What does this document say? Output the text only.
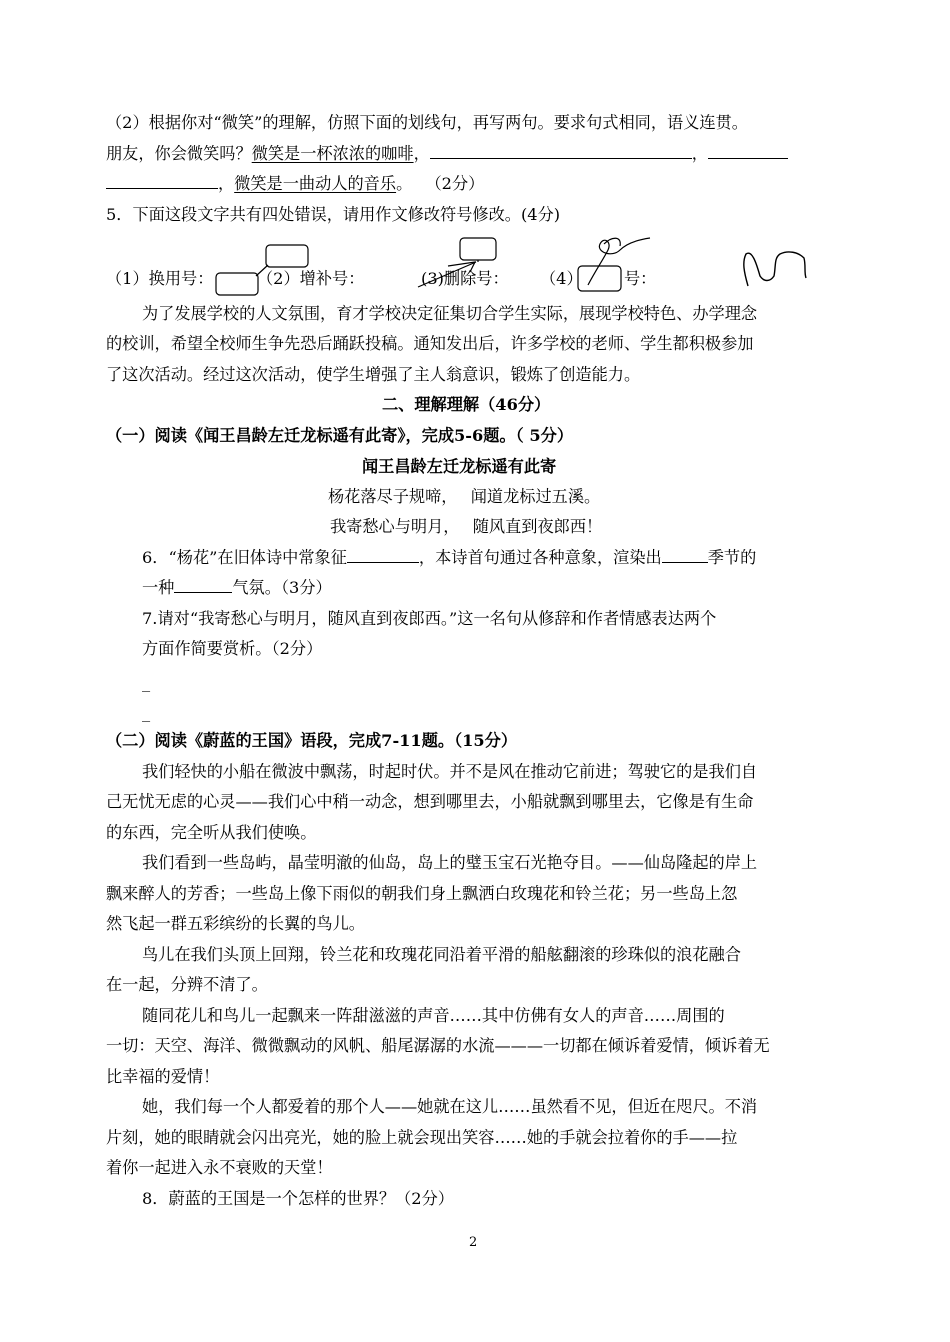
（2）根据你对“微笑”的理解，仿照下面的划线句，再写两句。要求句式相同，语义连贯。
朋友，你会微笑吗？微笑是一杯浓浓的咖啡，	，
，微笑是一曲动人的音乐。　 （2分）
5．下面这段文字共有四处错误，请用作文修改符号修改。(4分)
（1）换用号：	（2）增补号：	(3)删除号： （4）	号：
为了发展学校的人文氛围，育才学校决定征集切合学生实际，展现学校特色、办学理念
的校训，希望全校师生争先恐后踊跃投稿。通知发出后，许多学校的老师、学生都积极参加
了这次活动。经过这次活动，使学生增强了主人翁意识，锻炼了创造能力。
二、理解理解（46分）
（一）阅读《闻王昌龄左迁龙标遥有此寄》，完成5-6题。（ 5分）
闻王昌龄左迁龙标遥有此寄
杨花落尽子规啼，　 闻道龙标过五溪。
我寄愁心与明月，　 随风直到夜郎西！
6．“杨花”在旧体诗中常象征	，本诗首句通过各种意象，渲染出	季节的
一种	气氛。（3分）
7.请对“我寄愁心与明月，随风直到夜郎西。”这一名句从修辞和作者情感表达两个
方面作简要赏析。（2分）
_
_
（二）阅读《蔚蓝的王国》语段，完成7-11题。（15分）
我们轻快的小船在微波中飘荡，时起时伏。并不是风在推动它前进；驾驶它的是我们自
己无忧无虑的心灵——我们心中稍一动念，想到哪里去，小船就飘到哪里去，它像是有生命
的东西，完全听从我们使唤。
我们看到一些岛屿，晶莹明澈的仙岛，岛上的璧玉宝石光艳夺目。——仙岛隆起的岸上
飘来醉人的芳香；一些岛上像下雨似的朝我们身上飘洒白玫瑰花和铃兰花；另一些岛上忽
然飞起一群五彩缤纷的长翼的鸟儿。
鸟儿在我们头顶上回翔，铃兰花和玫瑰花同沿着平滑的船舷翻滚的珍珠似的浪花融合
在一起，分辨不清了。
随同花儿和鸟儿一起飘来一阵甜滋滋的声音……其中仿佛有女人的声音……周围的
一切：天空、海洋、微微飘动的风帆、船尾潺潺的水流———一切都在倾诉着爱情，倾诉着无
比幸福的爱情！
她，我们每一个人都爱着的那个人——她就在这儿……虽然看不见，但近在咫尺。不消
片刻，她的眼睛就会闪出亮光，她的脸上就会现出笑容……她的手就会拉着你的手——拉
着你一起进入永不衰败的天堂！
8．蔚蓝的王国是一个怎样的世界？（2分）
2
